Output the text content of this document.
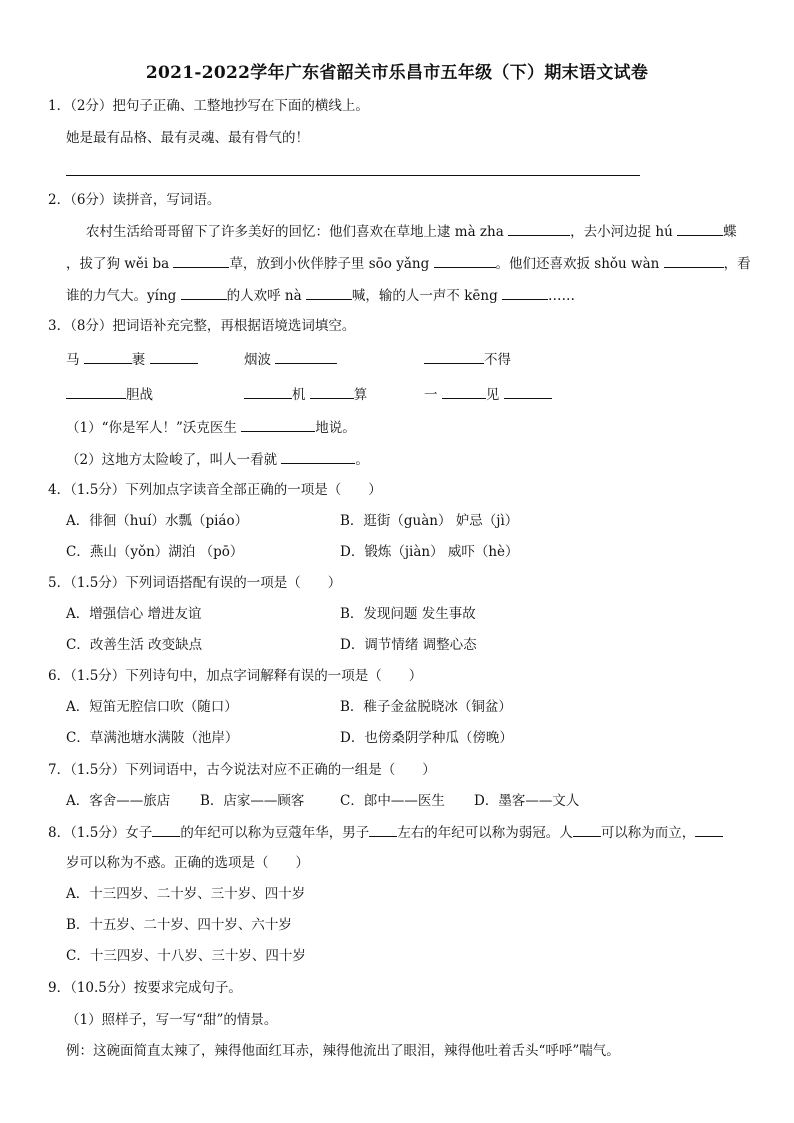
2021-2022学年广东省韶关市乐昌市五年级（下）期末语文试卷
1．（2分）把句子正确、工整地抄写在下面的横线上。
她是最有品格、最有灵魂、最有骨气的！
2．（6分）读拼音，写词语。
农村生活给哥哥留下了许多美好的回忆：他们喜欢在草地上逮 mà zha	，去小河边捉 hú	蝶
，拔了狗 wěi ba	草，放到小伙伴脖子里 sōo yǎng	。他们还喜欢扳 shǒu wàn	，看
谁的力气大。yíng	的人欢呼 nà	喊，输的人一声不 kēng	……
3．（8分）把词语补充完整，再根据语境选词填空。
马	裹	烟波	不得
胆战	机	算	一	见
（1）“你是军人！”沃克医生	地说。
（2）这地方太险峻了，叫人一看就	。
4．（1.5分）下列加点字读音全部正确的一项是（　　）
A．徘徊（huí）水瓢（piáo）	B．逛街（guàn） 妒忌（jì）
C．燕山（yǒn）湖泊 （pō）	D．锻炼（jiàn） 威吓（hè）
5．（1.5分）下列词语搭配有误的一项是（　　）
A．增强信心 增进友谊	B．发现问题 发生事故
C．改善生活 改变缺点	D．调节情绪 调整心态
6．（1.5分）下列诗句中，加点字词解释有误的一项是（　　）
A．短笛无腔信口吹（随口）	B．稚子金盆脱晓冰（铜盆）
C．草满池塘水满陂（池岸）	D．也傍桑阴学种瓜（傍晚）
7．（1.5分）下列词语中，古今说法对应不正确的一组是（　　）
A．客舍——旅店 B．店家——顾客	C．郎中——医生 D．墨客——文人
8．（1.5分）女子 的年纪可以称为豆蔻年华，男子 左右的年纪可以称为弱冠。人 可以称为而立，
岁可以称为不惑。正确的选项是（　　）
A．十三四岁、二十岁、三十岁、四十岁
B．十五岁、二十岁、四十岁、六十岁
C．十三四岁、十八岁、三十岁、四十岁
9．（10.5分）按要求完成句子。
（1）照样子，写一写“甜”的情景。
例：这碗面简直太辣了，辣得他面红耳赤，辣得他流出了眼泪，辣得他吐着舌头“呼呼”喘气。
